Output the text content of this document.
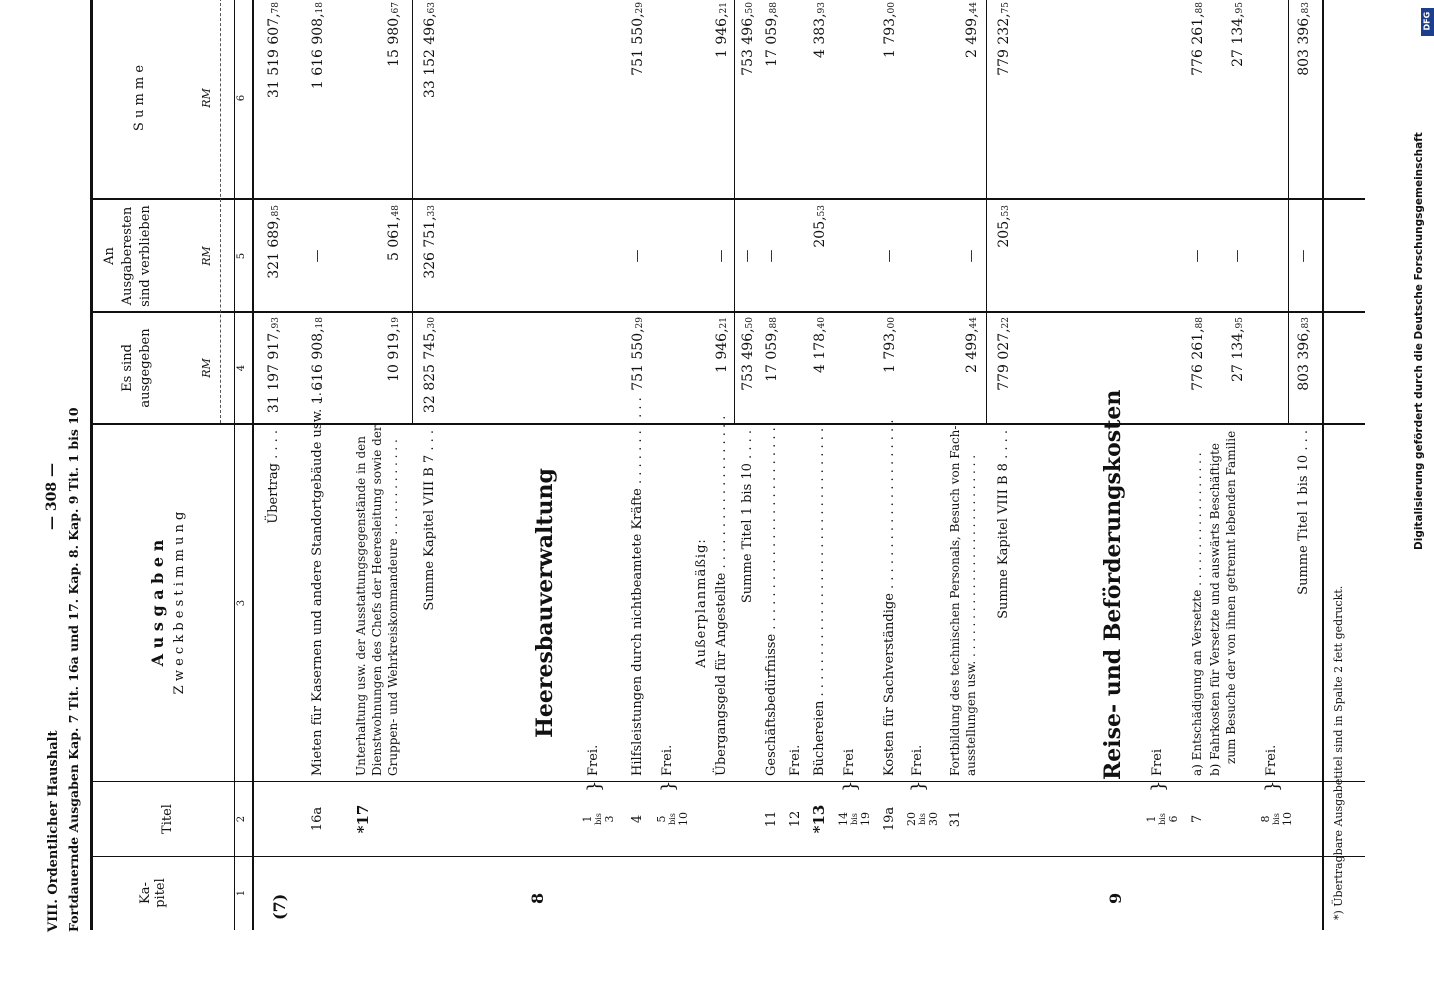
DFG
Digitalisierung gefördert durch die Deutsche Forschungsgemeinschaft
VIII. Ordentlicher Haushalt Fortdauernde Ausgaben Kap. 7 Tit. 16a und 17. Kap. 8. Kap. 9 Tit. 1 bis 10
— 308 —
Ka-
pitel
Titel
A u s g a b e n Z w e c k b e s t i m m u n g
Es sind ausgegeben
An Ausgaberesten sind verblieben
S u m m e
RM
RM
RM
1
2
3
4
5
6
(7)
Übertrag . . . .
31 197 917,93
321 689,85
31 519 607,78
16a
Mieten für Kasernen und andere Standortgebäude usw. . . .
1 616 908,18
—
1 616 908,18
*17
Unterhaltung usw. der Ausstattungsgegenstände in den Dienstwohnungen des Chefs der Heeresleitung sowie der Gruppen- und Wehrkreiskommandeure . . . . . . . . . . . . .
10 919,19
5 061,48
15 980,67
Summe Kapitel VIII B 7 . . .
32 825 745,30
326 751,33
33 152 496,63
8
Heeresbauverwaltung
1 bis 3
}
Frei.
4
Hilfsleistungen durch nichtbeamtete Kräfte . . . . . . . . . . .
751 550,29
—
751 550,29
5 bis 10
}
Frei.
Außerplanmäßig: Übergangsgeld für Angestellte . . . . . . . . . . . . . . . . . . .
1 946,21
—
1 946,21
Summe Titel 1 bis 10 . . . .
753 496,50
—
753 496,50
11
Geschäftsbedürfnisse . . . . . . . . . . . . . . . . . . . . . . . . .
17 059,88
—
17 059,88
12
Frei.
*13
Büchereien . . . . . . . . . . . . . . . . . . . . . . . . . . . . . . . . .
4 178,40
205,53
4 383,93
14 bis 19
}
Frei
19a
Kosten für Sachverständige . . . . . . . . . . . . . . . . . . . . .
1 793,00
—
1 793,00
20 bis 30
}
Frei.
31
Fortbildung des technischen Personals, Besuch von Fach- ausstellungen usw. . . . . . . . . . . . . . . . . . . . . . . . . . . .
2 499,44
—
2 499,44
Summe Kapitel VIII B 8 . . . .
779 027,22
205,53
779 232,75
9
Reise- und Beförderungskosten
1 bis 6
}
Frei
7
a) Entschädigung an Versetzte . . . . . . . . . . . . . . . . . .
776 261,88
—
776 261,88
b) Fahrkosten für Versetzte und auswärts Beschäftigte zum Besuche der von ihnen getrennt lebenden Familie
27 134,95
—
27 134,95
8 bis 10
}
Frei.
Summe Titel 1 bis 10 . . .
803 396,83
—
803 396,83
*) Übertragbare Ausgabetitel sind in Spalte 2 fett gedruckt.
